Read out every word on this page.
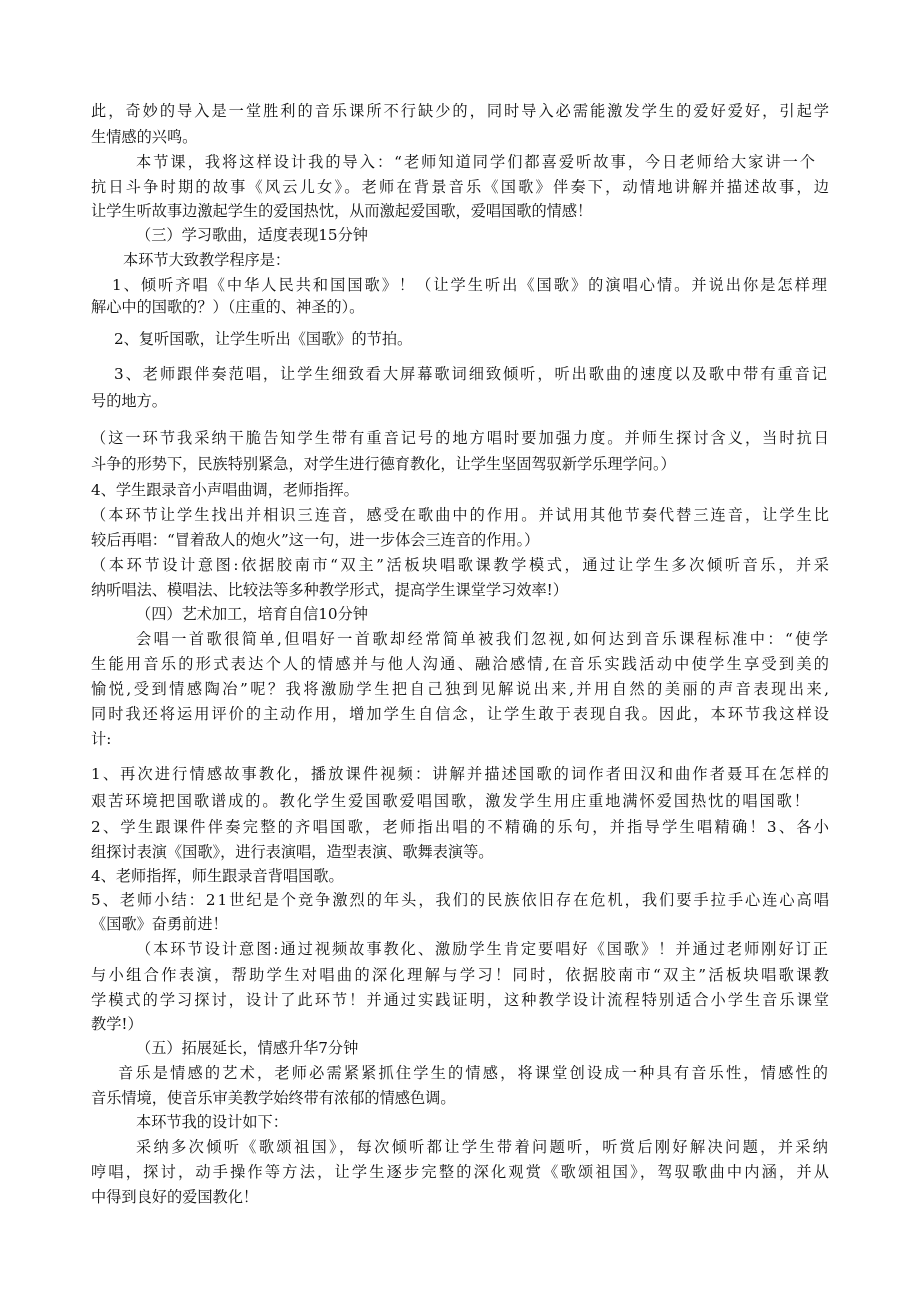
此，奇妙的导入是一堂胜利的音乐课所不行缺少的，同时导入必需能激发学生的爱好爱好，引起学
生情感的兴鸣。
本节课，我将这样设计我的导入：“老师知道同学们都喜爱听故事，今日老师给大家讲一个
抗日斗争时期的故事《风云儿女》。老师在背景音乐《国歌》伴奏下，动情地讲解并描述故事，边
让学生听故事边激起学生的爱国热忱，从而激起爱国歌，爱唱国歌的情感！
（三）学习歌曲，适度表现15分钟
本环节大致教学程序是：
1、倾听齐唱《中华人民共和国国歌》！（让学生听出《国歌》的演唱心情。并说出你是怎样理
解心中的国歌的？）（庄重的、神圣的）。
2、复听国歌，让学生听出《国歌》的节拍。
3、老师跟伴奏范唱，让学生细致看大屏幕歌词细致倾听，听出歌曲的速度以及歌中带有重音记
号的地方。
（这一环节我采纳干脆告知学生带有重音记号的地方唱时要加强力度。并师生探讨含义，当时抗日
斗争的形势下，民族特别紧急，对学生进行德育教化，让学生坚固驾驭新学乐理学问。）
4、学生跟录音小声唱曲调，老师指挥。
（本环节让学生找出并相识三连音，感受在歌曲中的作用。并试用其他节奏代替三连音，让学生比
较后再唱：“冒着敌人的炮火”这一句，进一步体会三连音的作用。）
（本环节设计意图:依据胶南市“双主”活板块唱歌课教学模式，通过让学生多次倾听音乐，并采
纳听唱法、模唱法、比较法等多种教学形式，提高学生课堂学习效率!）
（四）艺术加工，培育自信10分钟
会唱一首歌很简单,但唱好一首歌却经常简单被我们忽视,如何达到音乐课程标准中：“使学
生能用音乐的形式表达个人的情感并与他人沟通、融洽感情,在音乐实践活动中使学生享受到美的
愉悦,受到情感陶冶”呢？我将激励学生把自己独到见解说出来,并用自然的美丽的声音表现出来,
同时我还将运用评价的主动作用，增加学生自信念，让学生敢于表现自我。因此，本环节我这样设
计:
1、再次进行情感故事教化，播放课件视频：讲解并描述国歌的词作者田汉和曲作者聂耳在怎样的
艰苦环境把国歌谱成的。教化学生爱国歌爱唱国歌，激发学生用庄重地满怀爱国热忱的唱国歌！
2、学生跟课件伴奏完整的齐唱国歌，老师指出唱的不精确的乐句，并指导学生唱精确！3、各小
组探讨表演《国歌》，进行表演唱，造型表演、歌舞表演等。
4、老师指挥，师生跟录音背唱国歌。
5、老师小结：21世纪是个竞争激烈的年头，我们的民族依旧存在危机，我们要手拉手心连心高唱
《国歌》奋勇前进！
（本环节设计意图:通过视频故事教化、激励学生肯定要唱好《国歌》！并通过老师刚好订正
与小组合作表演，帮助学生对唱曲的深化理解与学习！同时，依据胶南市“双主”活板块唱歌课教
学模式的学习探讨，设计了此环节！并通过实践证明，这种教学设计流程特别适合小学生音乐课堂
教学!）
（五）拓展延长，情感升华7分钟
音乐是情感的艺术，老师必需紧紧抓住学生的情感，将课堂创设成一种具有音乐性，情感性的
音乐情境，使音乐审美教学始终带有浓郁的情感色调。
本环节我的设计如下：
采纳多次倾听《歌颂祖国》，每次倾听都让学生带着问题听，听赏后刚好解决问题，并采纳
哼唱，探讨，动手操作等方法，让学生逐步完整的深化观赏《歌颂祖国》，驾驭歌曲中内涵，并从
中得到良好的爱国教化！
